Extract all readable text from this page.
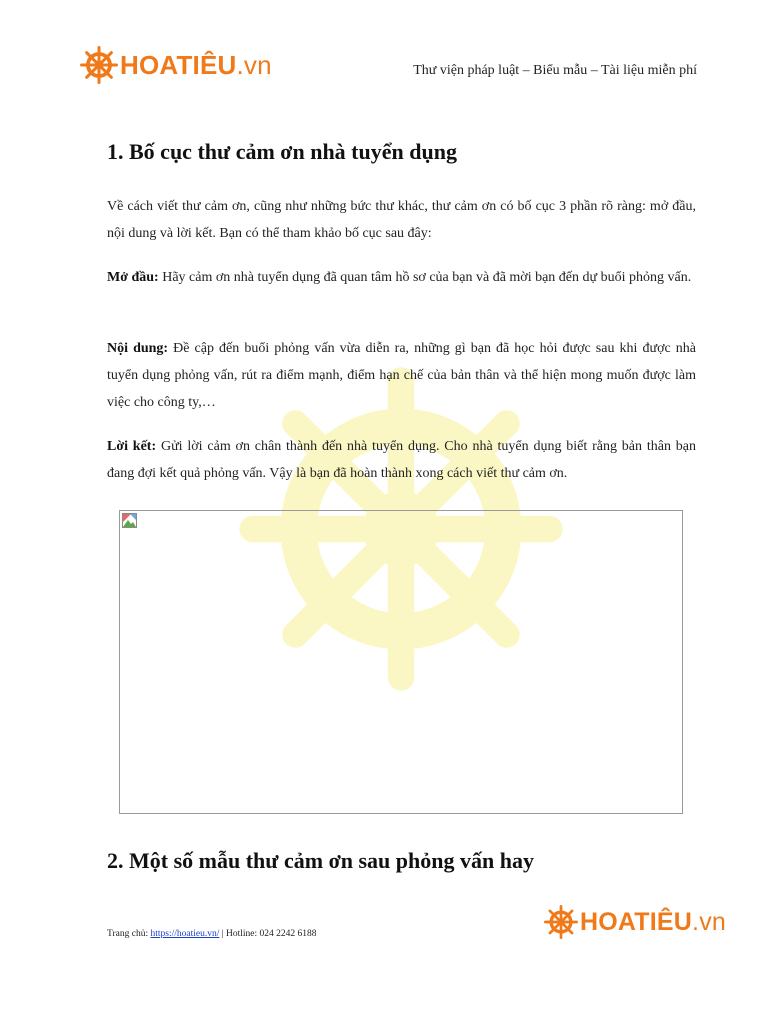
HOATIÊU.vn	Thư viện pháp luật – Biểu mẫu – Tài liệu miễn phí
1. Bố cục thư cảm ơn nhà tuyển dụng

Về cách viết thư cảm ơn, cũng như những bức thư khác, thư cảm ơn có bố cục 3 phần rõ ràng: mở đầu, nội dung và lời kết. Bạn có thể tham khảo bố cục sau đây:

Mở đầu: Hãy cảm ơn nhà tuyển dụng đã quan tâm hồ sơ của bạn và đã mời bạn đến dự buổi phỏng vấn.

Nội dung: Đề cập đến buổi phỏng vấn vừa diễn ra, những gì bạn đã học hỏi được sau khi được nhà tuyển dụng phỏng vấn, rút ra điểm mạnh, điểm hạn chế của bản thân và thể hiện mong muốn được làm việc cho công ty,…

Lời kết: Gửi lời cảm ơn chân thành đến nhà tuyển dụng. Cho nhà tuyển dụng biết rằng bản thân bạn đang đợi kết quả phỏng vấn. Vậy là bạn đã hoàn thành xong cách viết thư cảm ơn.

2. Một số mẫu thư cảm ơn sau phỏng vấn hay
Trang chủ: https://hoatieu.vn/ | Hotline: 024 2242 6188	HOATIÊU.vn
